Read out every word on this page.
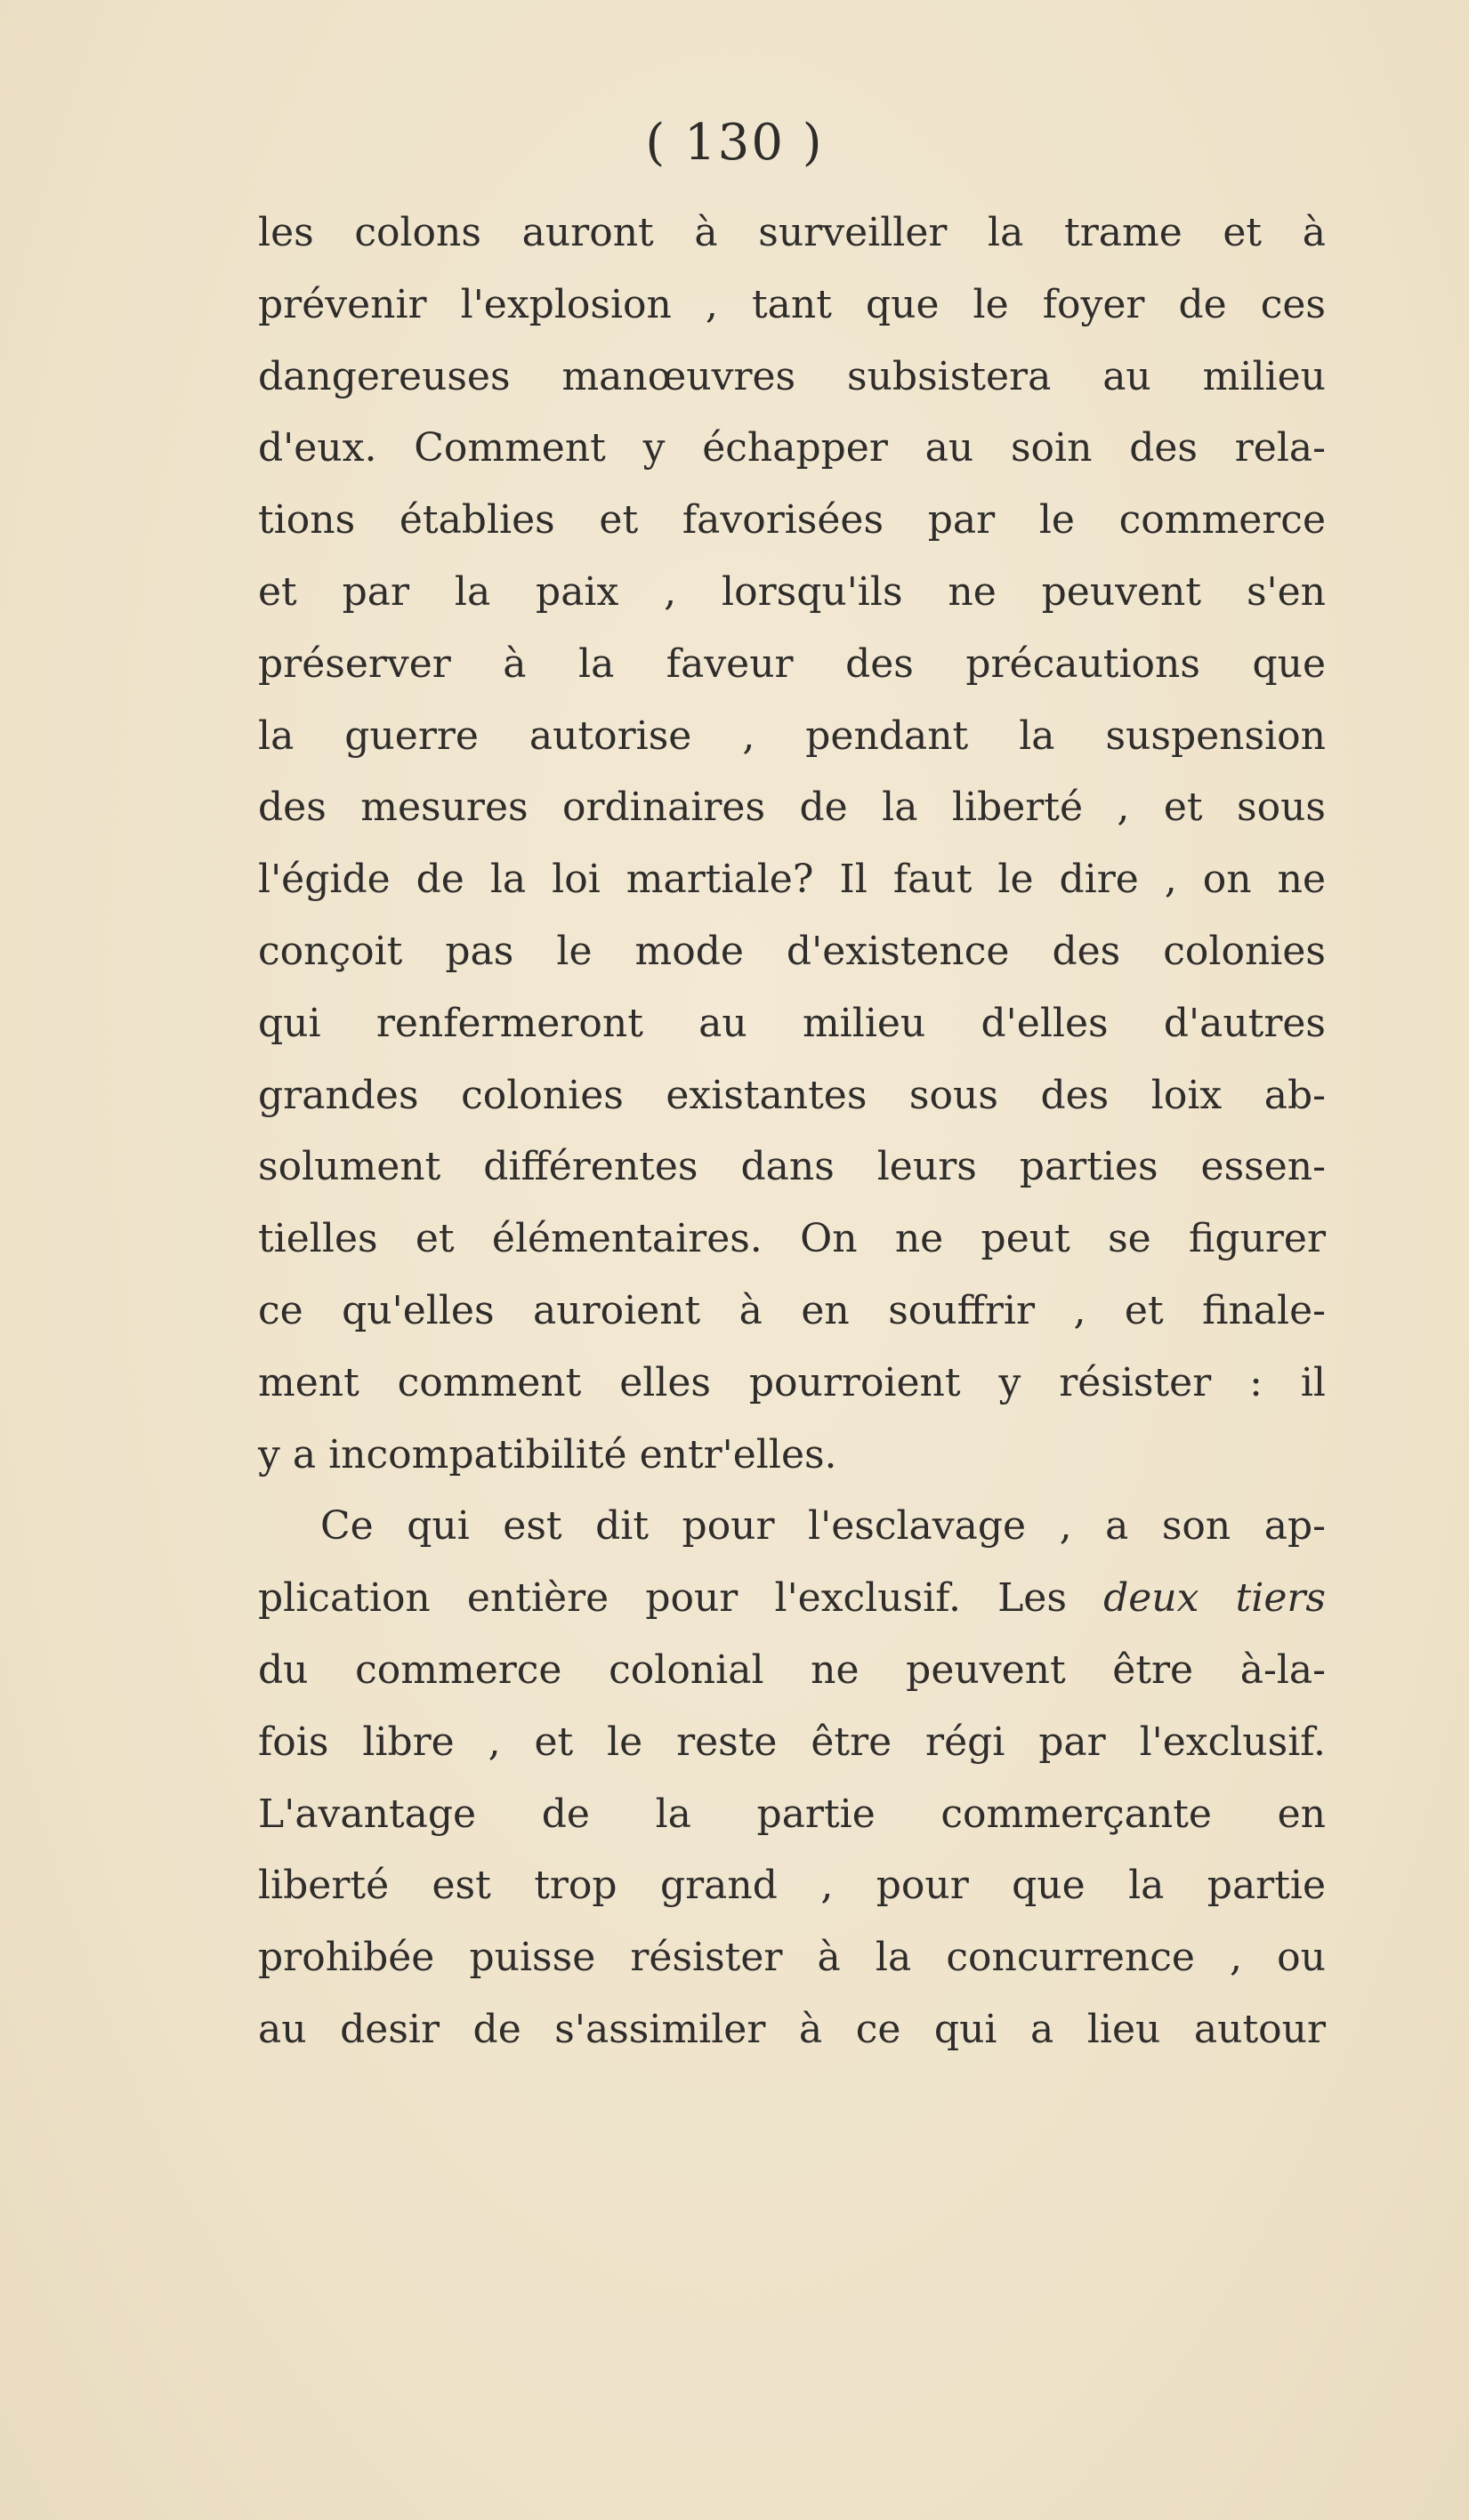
( 130 )
les colons auront à surveiller la trame et à
prévenir l'explosion , tant que le foyer de ces
dangereuses manœuvres subsistera au milieu
d'eux. Comment y échapper au soin des rela-
tions établies et favorisées par le commerce
et par la paix , lorsqu'ils ne peuvent s'en
préserver à la faveur des précautions que
la guerre autorise , pendant la suspension
des mesures ordinaires de la liberté , et sous
l'égide de la loi martiale? Il faut le dire , on ne
conçoit pas le mode d'existence des colonies
qui renfermeront au milieu d'elles d'autres
grandes colonies existantes sous des loix ab-
solument différentes dans leurs parties essen-
tielles et élémentaires. On ne peut se figurer
ce qu'elles auroient à en souffrir , et finale-
ment comment elles pourroient y résister : il
y a incompatibilité entr'elles.
Ce qui est dit pour l'esclavage , a son ap-
plication entière pour l'exclusif. Les deux tiers
du commerce colonial ne peuvent être à-la-
fois libre , et le reste être régi par l'exclusif.
L'avantage de la partie commerçante en
liberté est trop grand , pour que la partie
prohibée puisse résister à la concurrence , ou
au desir de s'assimiler à ce qui a lieu autour
